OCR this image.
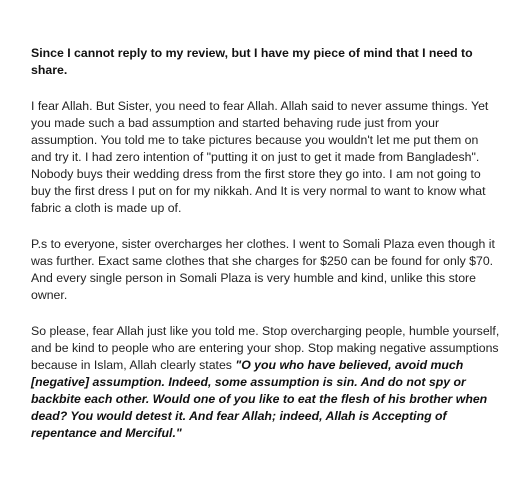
Since I cannot reply to my review, but I have my piece of mind that I need to share.

I fear Allah. But Sister, you need to fear Allah. Allah said to never assume things. Yet you made such a bad assumption and started behaving rude just from your assumption. You told me to take pictures because you wouldn't let me put them on and try it. I had zero intention of "putting it on just to get it made from Bangladesh". Nobody buys their wedding dress from the first store they go into. I am not going to buy the first dress I put on for my nikkah. And It is very normal to want to know what fabric a cloth is made up of.

P.s to everyone, sister overcharges her clothes. I went to Somali Plaza even though it was further. Exact same clothes that she charges for $250 can be found for only $70. And every single person in Somali Plaza is very humble and kind, unlike this store owner.

So please, fear Allah just like you told me. Stop overcharging people, humble yourself, and be kind to people who are entering your shop. Stop making negative assumptions because in Islam, Allah clearly states "O you who have believed, avoid much [negative] assumption. Indeed, some assumption is sin. And do not spy or backbite each other. Would one of you like to eat the flesh of his brother when dead? You would detest it. And fear Allah; indeed, Allah is Accepting of repentance and Merciful."
